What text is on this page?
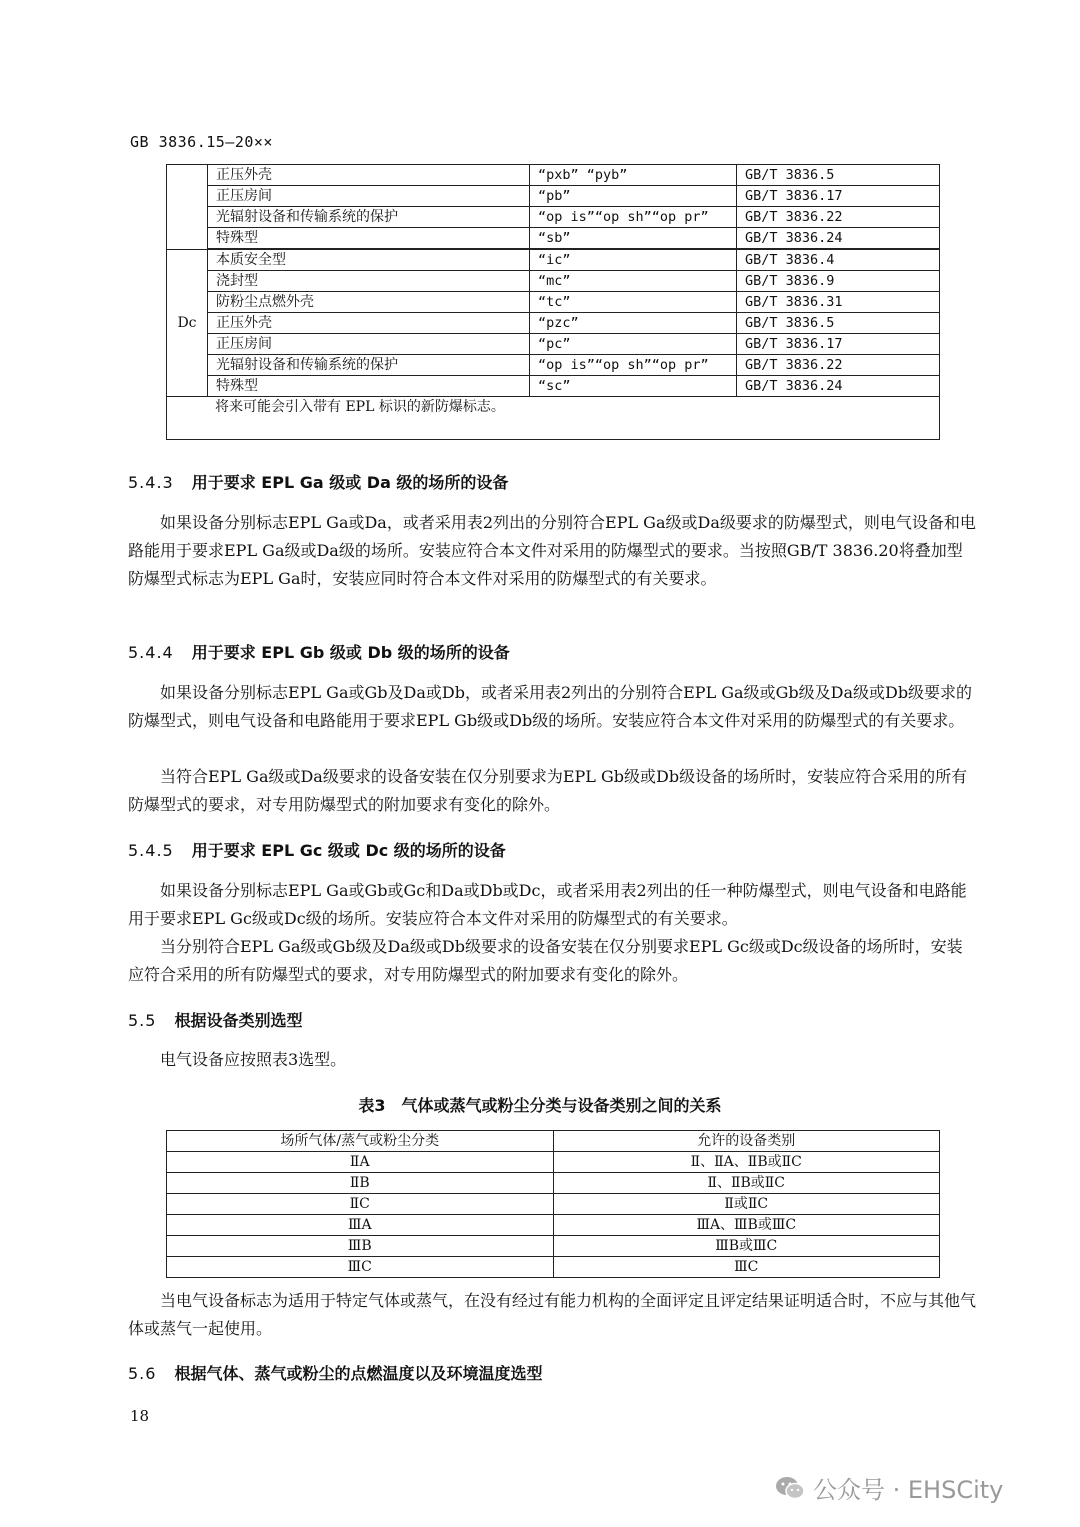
GB 3836.15—20××
	正压外壳	“pxb” “pyb”	GB/T 3836.5
	正压房间	“pb”	GB/T 3836.17
	光辐射设备和传输系统的保护	“op is”“op sh”“op pr”	GB/T 3836.22
	特殊型	“sb”	GB/T 3836.24
Dc	本质安全型	“ic”	GB/T 3836.4
	浇封型	“mc”	GB/T 3836.9
	防粉尘点燃外壳	“tc”	GB/T 3836.31
	正压外壳	“pzc”	GB/T 3836.5
	正压房间	“pc”	GB/T 3836.17
	光辐射设备和传输系统的保护	“op is”“op sh”“op pr”	GB/T 3836.22
	特殊型	“sc”	GB/T 3836.24
将来可能会引入带有 EPL 标识的新防爆标志。			
5.4.3 用于要求 EPL Ga 级或 Da 级的场所的设备
如果设备分别标志EPL Ga或Da，或者采用表2列出的分别符合EPL Ga级或Da级要求的防爆型式，则电气设备和电路能用于要求EPL Ga级或Da级的场所。安装应符合本文件对采用的防爆型式的要求。当按照GB/T 3836.20将叠加型防爆型式标志为EPL Ga时，安装应同时符合本文件对采用的防爆型式的有关要求。
5.4.4 用于要求 EPL Gb 级或 Db 级的场所的设备
如果设备分别标志EPL Ga或Gb及Da或Db，或者采用表2列出的分别符合EPL Ga级或Gb级及Da级或Db级要求的防爆型式，则电气设备和电路能用于要求EPL Gb级或Db级的场所。安装应符合本文件对采用的防爆型式的有关要求。
当符合EPL Ga级或Da级要求的设备安装在仅分别要求为EPL Gb级或Db级设备的场所时，安装应符合采用的所有防爆型式的要求，对专用防爆型式的附加要求有变化的除外。
5.4.5 用于要求 EPL Gc 级或 Dc 级的场所的设备
如果设备分别标志EPL Ga或Gb或Gc和Da或Db或Dc，或者采用表2列出的任一种防爆型式，则电气设备和电路能用于要求EPL Gc级或Dc级的场所。安装应符合本文件对采用的防爆型式的有关要求。
当分别符合EPL Ga级或Gb级及Da级或Db级要求的设备安装在仅分别要求EPL Gc级或Dc级设备的场所时，安装应符合采用的所有防爆型式的要求，对专用防爆型式的附加要求有变化的除外。
5.5 根据设备类别选型
电气设备应按照表3选型。
表3　气体或蒸气或粉尘分类与设备类别之间的关系
场所气体/蒸气或粉尘分类	允许的设备类别
ⅡA	Ⅱ、ⅡA、ⅡB或ⅡC
ⅡB	Ⅱ、ⅡB或ⅡC
ⅡC	Ⅱ或ⅡC
ⅢA	ⅢA、ⅢB或ⅢC
ⅢB	ⅢB或ⅢC
ⅢC	ⅢC
当电气设备标志为适用于特定气体或蒸气，在没有经过有能力机构的全面评定且评定结果证明适合时，不应与其他气体或蒸气一起使用。
5.6 根据气体、蒸气或粉尘的点燃温度以及环境温度选型
18
公众号 · EHSCity
